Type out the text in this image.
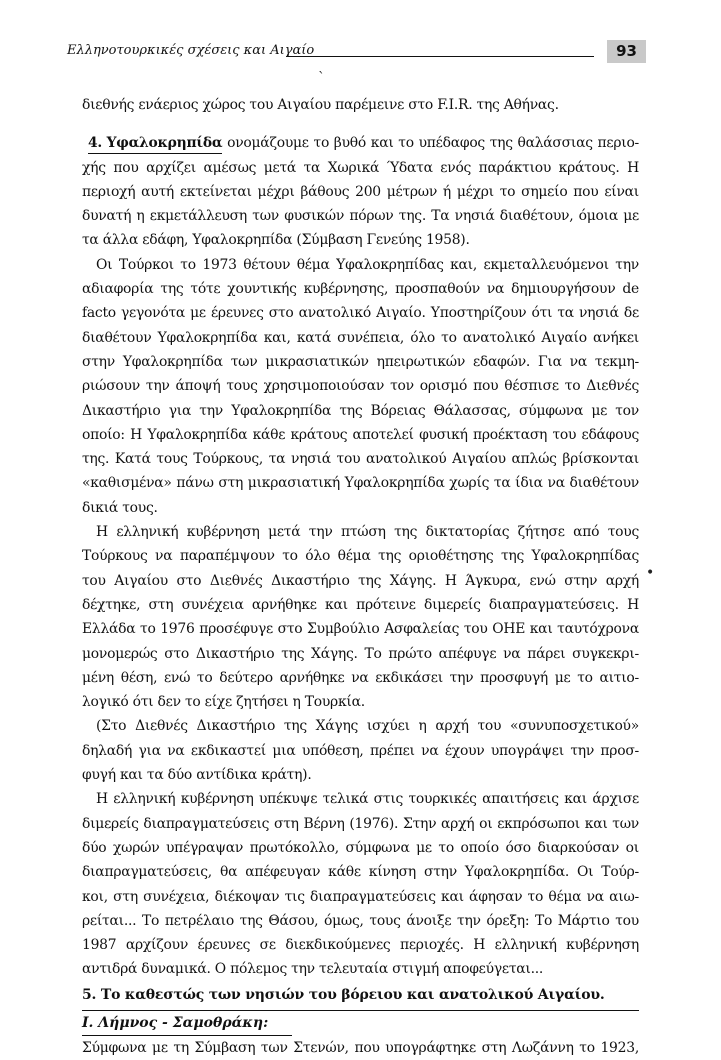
Ελληνοτουρκικές σχέσεις και Αιγαίο	93
`
•
διεθνής ενάεριος χώρος του Αιγαίου παρέμεινε στο F.I.R. της Αθήνας.
4. Υφαλοκρηπίδα ονομάζουμε το βυθό και το υπέδαφος της θαλάσσιας περιο-
χής που αρχίζει αμέσως μετά τα Χωρικά Ύδατα ενός παράκτιου κράτους. Η
περιοχή αυτή εκτείνεται μέχρι βάθους 200 μέτρων ή μέχρι το σημείο που είναι
δυνατή η εκμετάλλευση των φυσικών πόρων της. Τα νησιά διαθέτουν, όμοια με
τα άλλα εδάφη, Υφαλοκρηπίδα (Σύμβαση Γενεύης 1958).
Οι Τούρκοι το 1973 θέτουν θέμα Υφαλοκρηπίδας και, εκμεταλλευόμενοι την
αδιαφορία της τότε χουντικής κυβέρνησης, προσπαθούν να δημιουργήσουν de
facto γεγονότα με έρευνες στο ανατολικό Αιγαίο. Υποστηρίζουν ότι τα νησιά δε
διαθέτουν Υφαλοκρηπίδα και, κατά συνέπεια, όλο το ανατολικό Αιγαίο ανήκει
στην Υφαλοκρηπίδα των μικρασιατικών ηπειρωτικών εδαφών. Για να τεκμη-
ριώσουν την άποψή τους χρησιμοποιούσαν τον ορισμό που θέσπισε το Διεθνές
Δικαστήριο για την Υφαλοκρηπίδα της Βόρειας Θάλασσας, σύμφωνα με τον
οποίο: Η Υφαλοκρηπίδα κάθε κράτους αποτελεί φυσική προέκταση του εδάφους
της. Κατά τους Τούρκους, τα νησιά του ανατολικού Αιγαίου απλώς βρίσκονται
«καθισμένα» πάνω στη μικρασιατική Υφαλοκρηπίδα χωρίς τα ίδια να διαθέτουν
δικιά τους.
Η ελληνική κυβέρνηση μετά την πτώση της δικτατορίας ζήτησε από τους
Τούρκους να παραπέμψουν το όλο θέμα της οριοθέτησης της Υφαλοκρηπίδας
του Αιγαίου στο Διεθνές Δικαστήριο της Χάγης. Η Άγκυρα, ενώ στην αρχή
δέχτηκε, στη συνέχεια αρνήθηκε και πρότεινε διμερείς διαπραγματεύσεις. Η
Ελλάδα το 1976 προσέφυγε στο Συμβούλιο Ασφαλείας του ΟΗΕ και ταυτόχρονα
μονομερώς στο Δικαστήριο της Χάγης. Το πρώτο απέφυγε να πάρει συγκεκρι-
μένη θέση, ενώ το δεύτερο αρνήθηκε να εκδικάσει την προσφυγή με το αιτιο-
λογικό ότι δεν το είχε ζητήσει η Τουρκία.
(Στο Διεθνές Δικαστήριο της Χάγης ισχύει η αρχή του «συνυποσχετικού»
δηλαδή για να εκδικαστεί μια υπόθεση, πρέπει να έχουν υπογράψει την προσ-
φυγή και τα δύο αντίδικα κράτη).
Η ελληνική κυβέρνηση υπέκυψε τελικά στις τουρκικές απαιτήσεις και άρχισε
διμερείς διαπραγματεύσεις στη Βέρνη (1976). Στην αρχή οι εκπρόσωποι και των
δύο χωρών υπέγραψαν πρωτόκολλο, σύμφωνα με το οποίο όσο διαρκούσαν οι
διαπραγματεύσεις, θα απέφευγαν κάθε κίνηση στην Υφαλοκρηπίδα. Οι Τούρ-
κοι, στη συνέχεια, διέκοψαν τις διαπραγματεύσεις και άφησαν το θέμα να αιω-
ρείται... Το πετρέλαιο της Θάσου, όμως, τους άνοιξε την όρεξη: Το Μάρτιο του
1987 αρχίζουν έρευνες σε διεκδικούμενες περιοχές. Η ελληνική κυβέρνηση
αντιδρά δυναμικά. Ο πόλεμος την τελευταία στιγμή αποφεύγεται...
5. Το καθεστώς των νησιών του βόρειου και ανατολικού Αιγαίου.
Ι. Λήμνος - Σαμοθράκη:
Σύμφωνα με τη Σύμβαση των Στενών, που υπογράφτηκε στη Λωζάννη το 1923,
